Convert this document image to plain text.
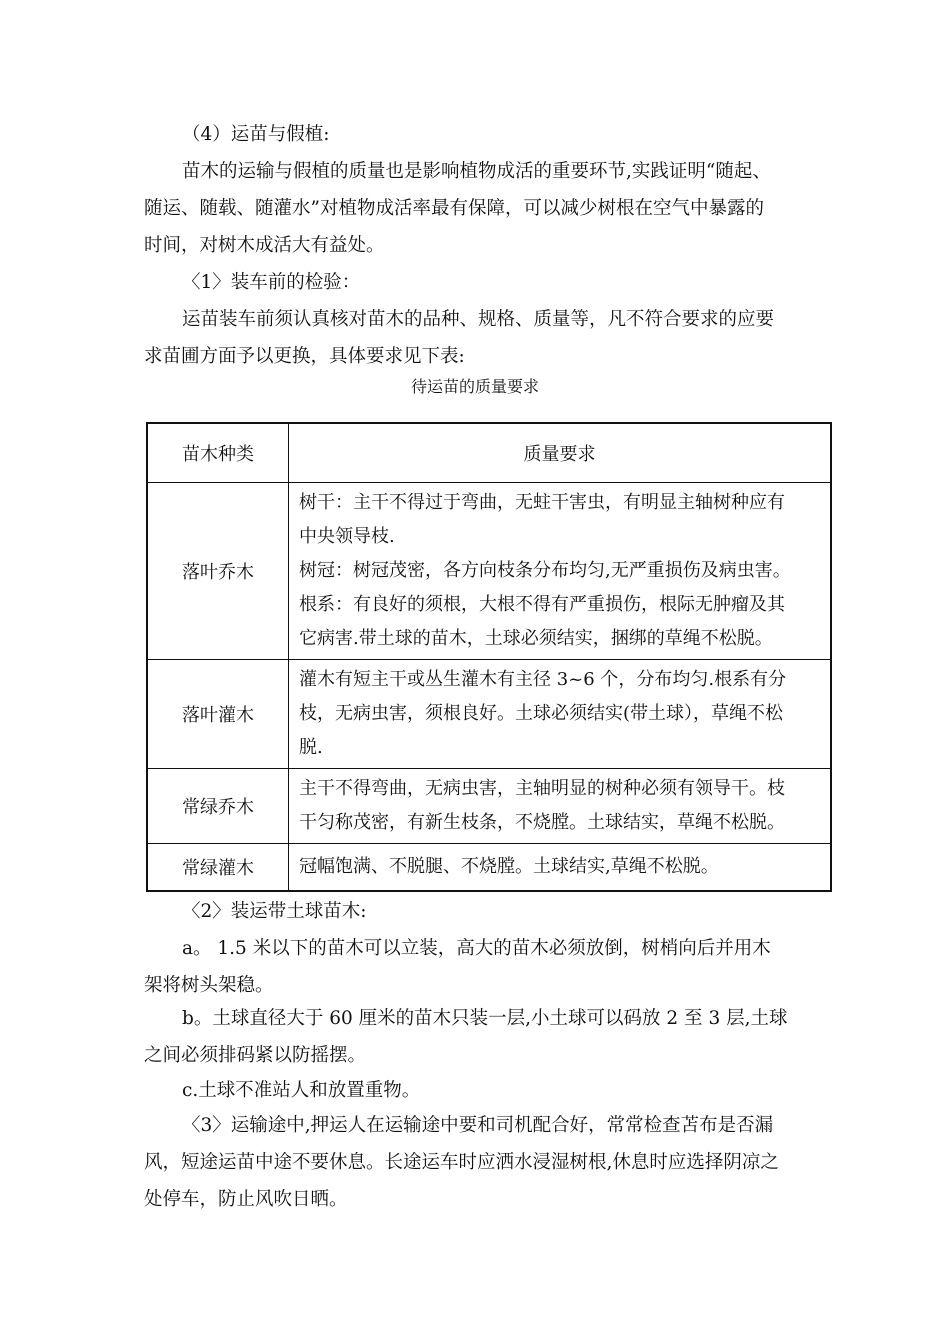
（4）运苗与假植:
苗木的运输与假植的质量也是影响植物成活的重要环节,实践证明“随起、
随运、随载、随灌水”对植物成活率最有保障，可以减少树根在空气中暴露的
时间，对树木成活大有益处。
〈1〉装车前的检验：
运苗装车前须认真核对苗木的品种、规格、质量等，凡不符合要求的应要
求苗圃方面予以更换，具体要求见下表:
待运苗的质量要求
苗木种类	质量要求
落叶乔木	树干：主干不得过于弯曲，无蛀干害虫，有明显主轴树种应有
中央领导枝.
树冠：树冠茂密，各方向枝条分布均匀,无严重损伤及病虫害。
根系：有良好的须根，大根不得有严重损伤，根际无肿瘤及其
它病害.带土球的苗木，土球必须结实，捆绑的草绳不松脱。

落叶灌木	灌木有短主干或丛生灌木有主径 3~6 个，分布均匀.根系有分
枝，无病虫害，须根良好。土球必须结实(带土球），草绳不松
脱.

常绿乔木	主干不得弯曲，无病虫害，主轴明显的树种必须有领导干。枝
干匀称茂密，有新生枝条，不烧膛。土球结实，草绳不松脱。

常绿灌木	冠幅饱满、不脱腿、不烧膛。土球结实,草绳不松脱。
〈2〉装运带土球苗木:
a。 1.5 米以下的苗木可以立装，高大的苗木必须放倒，树梢向后并用木
架将树头架稳。
b。土球直径大于 60 厘米的苗木只装一层,小土球可以码放 2 至 3 层,土球
之间必须排码紧以防摇摆。
c.土球不准站人和放置重物。
〈3〉运输途中,押运人在运输途中要和司机配合好，常常检查苫布是否漏
风，短途运苗中途不要休息。长途运车时应洒水浸湿树根,休息时应选择阴凉之
处停车，防止风吹日晒。
